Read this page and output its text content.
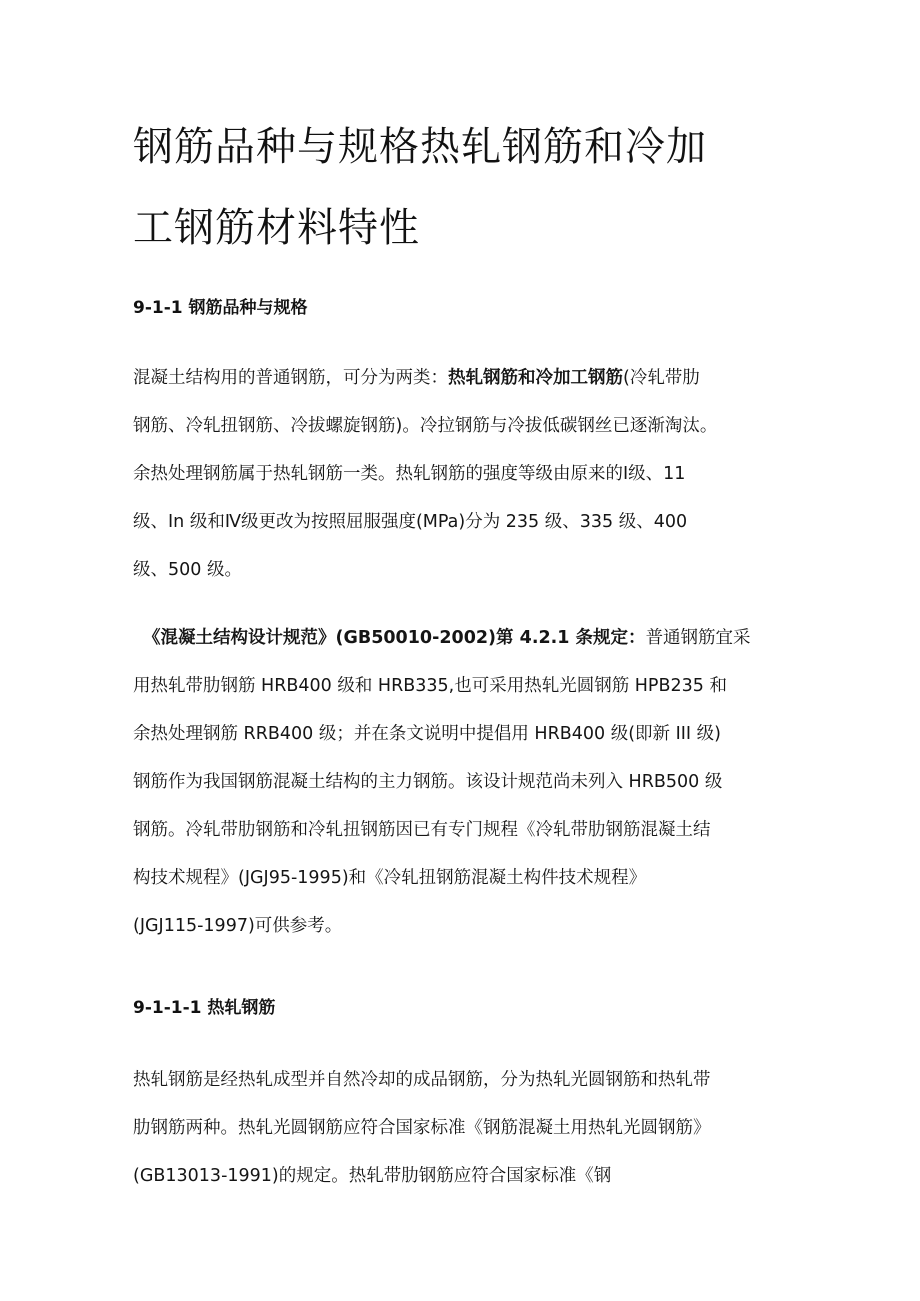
钢筋品种与规格热轧钢筋和冷加
工钢筋材料特性
9-1-1 钢筋品种与规格
混凝土结构用的普通钢筋，可分为两类：热轧钢筋和冷加工钢筋(冷轧带肋
钢筋、冷轧扭钢筋、冷拔螺旋钢筋)。冷拉钢筋与冷拔低碳钢丝已逐渐淘汰。
余热处理钢筋属于热轧钢筋一类。热轧钢筋的强度等级由原来的Ⅰ级、11
级、In 级和Ⅳ级更改为按照屈服强度(MPa)分为 235 级、335 级、400
级、500 级。
《混凝土结构设计规范》(GB50010-2002)第 4.2.1 条规定：普通钢筋宜采
用热轧带肋钢筋 HRB400 级和 HRB335,也可采用热轧光圆钢筋 HPB235 和
余热处理钢筋 RRB400 级；并在条文说明中提倡用 HRB400 级(即新 III 级)
钢筋作为我国钢筋混凝土结构的主力钢筋。该设计规范尚未列入 HRB500 级
钢筋。冷轧带肋钢筋和冷轧扭钢筋因已有专门规程《冷轧带肋钢筋混凝土结
构技术规程》(JGJ95-1995)和《冷轧扭钢筋混凝土构件技术规程》
(JGJ115-1997)可供参考。
9-1-1-1 热轧钢筋
热轧钢筋是经热轧成型并自然冷却的成品钢筋，分为热轧光圆钢筋和热轧带
肋钢筋两种。热轧光圆钢筋应符合国家标准《钢筋混凝土用热轧光圆钢筋》
(GB13013-1991)的规定。热轧带肋钢筋应符合国家标准《钢
